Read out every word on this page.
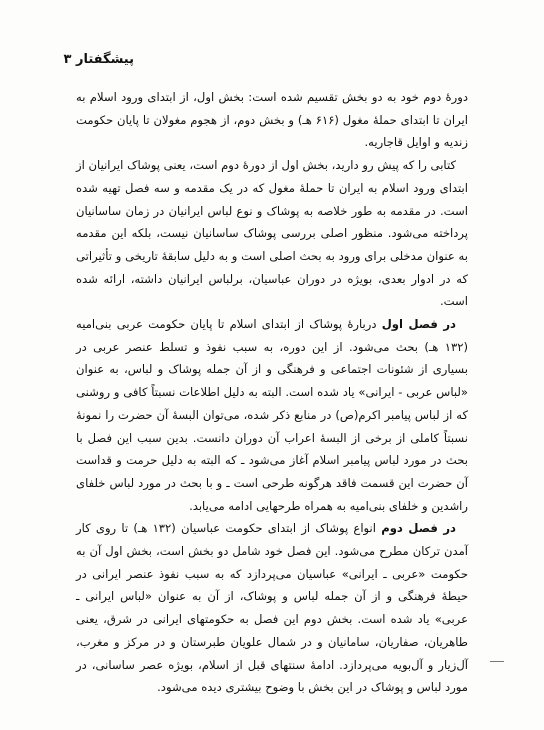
پیشگفتار ۳

دورهٔ دوم خود به دو بخش تقسیم شده است: بخش اول، از ابتدای ورود اسلام به ایران تا ابتدای حملهٔ مغول (۶۱۶ هـ) و بخش دوم، از هجوم مغولان تا پایان حکومت زندیه و اوایل قاجاریه.

کتابی را که پیش رو دارید، بخش اول از دورهٔ دوم است، یعنی پوشاک ایرانیان از ابتدای ورود اسلام به ایران تا حملهٔ مغول که در یک مقدمه و سه فصل تهیه شده است. در مقدمه به طور خلاصه به پوشاک و نوع لباس ایرانیان در زمان ساسانیان پرداخته می‌شود. منظور اصلی بررسی پوشاک ساسانیان نیست، بلکه این مقدمه به عنوان مدخلی برای ورود به بحث اصلی است و به دلیل سابقهٔ تاریخی و تأثیراتی که در ادوار بعدی، بویژه در دوران عباسیان، برلباس ایرانیان داشته، ارائه شده است.

در فصل اول دربارهٔ پوشاک از ابتدای اسلام تا پایان حکومت عربی بنی‌امیه (۱۳۲ هـ) بحث می‌شود. از این دوره، به سبب نفوذ و تسلط عنصر عربی در بسیاری از شئونات اجتماعی و فرهنگی و از آن جمله پوشاک و لباس، به عنوان «لباس عربی - ایرانی» یاد شده است. البته به دلیل اطلاعات نسبتاً کافی و روشنی که از لباس پیامبر اکرم(ص) در منابع ذکر شده، می‌توان البسهٔ آن حضرت را نمونهٔ نسبتاً کاملی از برخی از البسهٔ اعراب آن دوران دانست. بدین سبب این فصل با بحث در مورد لباس پیامبر اسلام آغاز می‌شود ـ که البته به دلیل حرمت و قداست آن حضرت این قسمت فاقد هرگونه طرحی است ـ و با بحث در مورد لباس خلفای راشدین و خلفای بنی‌امیه به همراه طرحهایی ادامه می‌یابد.

در فصل دوم انواع پوشاک از ابتدای حکومت عباسیان (۱۳۲ هـ) تا روی کار آمدن ترکان مطرح می‌شود. این فصل خود شامل دو بخش است، بخش اول آن به حکومت «عربی ـ ایرانی» عباسیان می‌پردازد که به سبب نفوذ عنصر ایرانی در حیطهٔ فرهنگی و از آن جمله لباس و پوشاک، از آن به عنوان «لباس ایرانی ـ عربی» یاد شده است. بخش دوم این فصل به حکومتهای ایرانی در شرق، یعنی طاهریان، صفاریان، سامانیان و در شمال علویان طبرستان و در مرکز و مغرب، آل‌زیار و آل‌بویه می‌پردازد. ادامهٔ سنتهای قبل از اسلام، بویژه عصر ساسانی، در مورد لباس و پوشاک در این بخش با وضوح بیشتری دیده می‌شود.
